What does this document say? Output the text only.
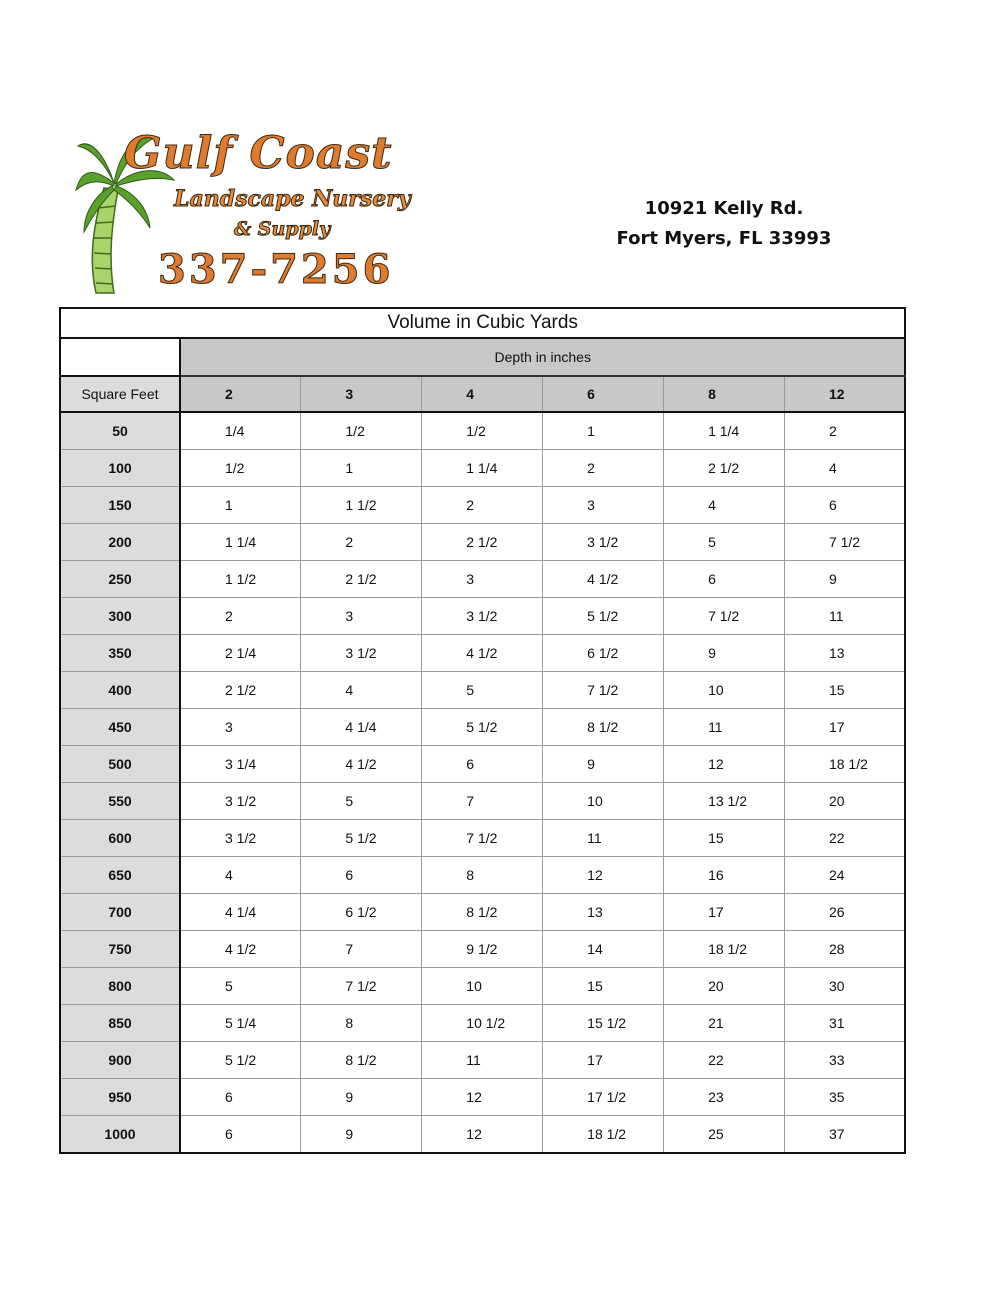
Gulf Coast
Landscape Nursery
& Supply
337-7256
10921 Kelly Rd.
Fort Myers, FL 33993
Volume in Cubic Yards						
	Depth in inches					
Square Feet	2	3	4	6	8	12
50	1/4	1/2	1/2	1	1 1/4	2
100	1/2	1	1 1/4	2	2 1/2	4
150	1	1 1/2	2	3	4	6
200	1 1/4	2	2 1/2	3 1/2	5	7 1/2
250	1 1/2	2 1/2	3	4 1/2	6	9
300	2	3	3 1/2	5 1/2	7 1/2	11
350	2 1/4	3 1/2	4 1/2	6 1/2	9	13
400	2 1/2	4	5	7 1/2	10	15
450	3	4 1/4	5 1/2	8 1/2	11	17
500	3 1/4	4 1/2	6	9	12	18 1/2
550	3 1/2	5	7	10	13 1/2	20
600	3 1/2	5 1/2	7 1/2	11	15	22
650	4	6	8	12	16	24
700	4 1/4	6 1/2	8 1/2	13	17	26
750	4 1/2	7	9 1/2	14	18 1/2	28
800	5	7 1/2	10	15	20	30
850	5 1/4	8	10 1/2	15 1/2	21	31
900	5 1/2	8 1/2	11	17	22	33
950	6	9	12	17 1/2	23	35
1000	6	9	12	18 1/2	25	37
